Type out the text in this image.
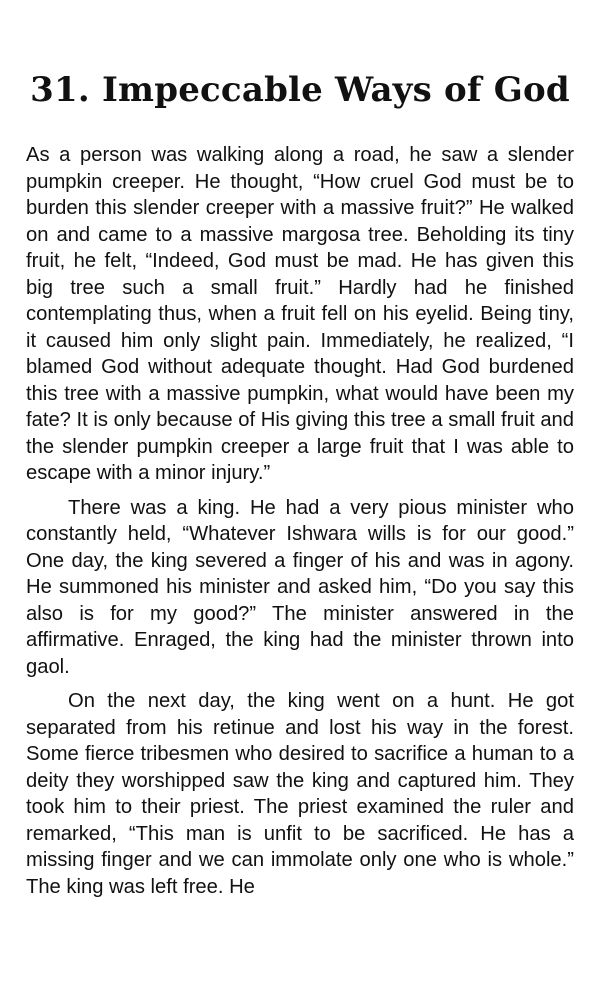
31. Impeccable Ways of God

As a person was walking along a road, he saw a slender pumpkin creeper. He thought, “How cruel God must be to burden this slender creeper with a massive fruit?” He walked on and came to a massive margosa tree. Beholding its tiny fruit, he felt, “Indeed, God must be mad. He has given this big tree such a small fruit.” Hardly had he finished contemplating thus, when a fruit fell on his eyelid. Being tiny, it caused him only slight pain. Immediately, he realized, “I blamed God without adequate thought. Had God burdened this tree with a massive pumpkin, what would have been my fate? It is only because of His giving this tree a small fruit and the slender pumpkin creeper a large fruit that I was able to escape with a minor injury.”

There was a king. He had a very pious minister who constantly held, “Whatever Ishwara wills is for our good.” One day, the king severed a finger of his and was in agony. He summoned his minister and asked him, “Do you say this also is for my good?” The minister answered in the affirmative. Enraged, the king had the minister thrown into gaol.

On the next day, the king went on a hunt. He got separated from his retinue and lost his way in the forest. Some fierce tribesmen who desired to sacrifice a human to a deity they worshipped saw the king and captured him. They took him to their priest. The priest examined the ruler and remarked, “This man is unfit to be sacrificed. He has a missing finger and we can immolate only one who is whole.” The king was left free. He
